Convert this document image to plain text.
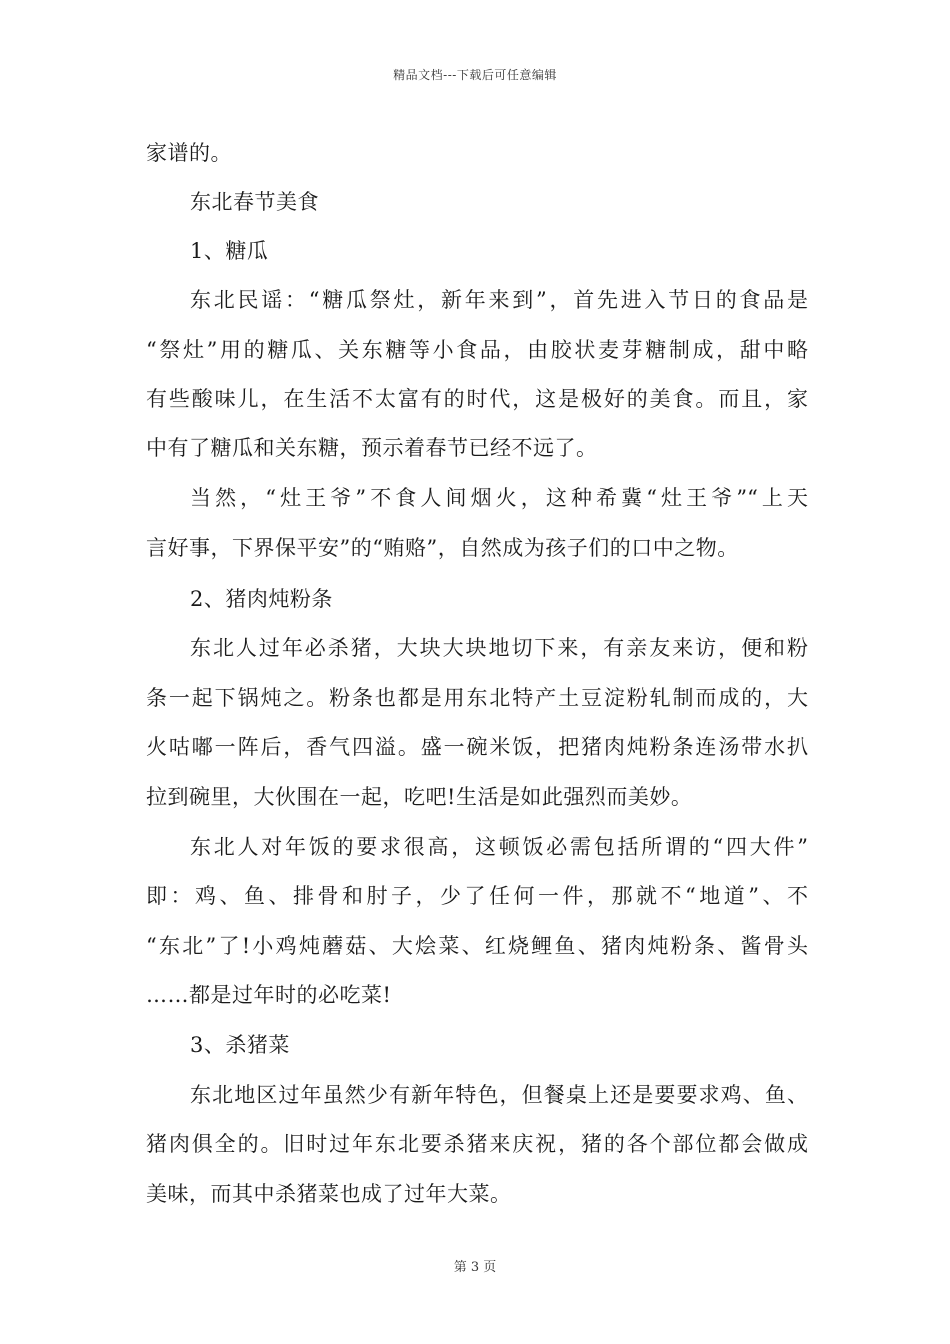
精品文档---下载后可任意编辑
家谱的。
东北春节美食
1、糖瓜
东北民谣：“糖瓜祭灶，新年来到”，首先进入节日的食品是
“祭灶”用的糖瓜、关东糖等小食品，由胶状麦芽糖制成，甜中略
有些酸味儿，在生活不太富有的时代，这是极好的美食。而且，家
中有了糖瓜和关东糖，预示着春节已经不远了。
当然，“灶王爷”不食人间烟火，这种希冀“灶王爷”“上天
言好事，下界保平安”的“贿赂”，自然成为孩子们的口中之物。
2、猪肉炖粉条
东北人过年必杀猪，大块大块地切下来，有亲友来访，便和粉
条一起下锅炖之。粉条也都是用东北特产土豆淀粉轧制而成的，大
火咕嘟一阵后，香气四溢。盛一碗米饭，把猪肉炖粉条连汤带水扒
拉到碗里，大伙围在一起，吃吧!生活是如此强烈而美妙。
东北人对年饭的要求很高，这顿饭必需包括所谓的“四大件”
即：鸡、鱼、排骨和肘子，少了任何一件，那就不“地道”、不
“东北”了!小鸡炖蘑菇、大烩菜、红烧鲤鱼、猪肉炖粉条、酱骨头
……都是过年时的必吃菜!
3、杀猪菜
东北地区过年虽然少有新年特色，但餐桌上还是要要求鸡、鱼、
猪肉俱全的。旧时过年东北要杀猪来庆祝，猪的各个部位都会做成
美味，而其中杀猪菜也成了过年大菜。
第 3 页
